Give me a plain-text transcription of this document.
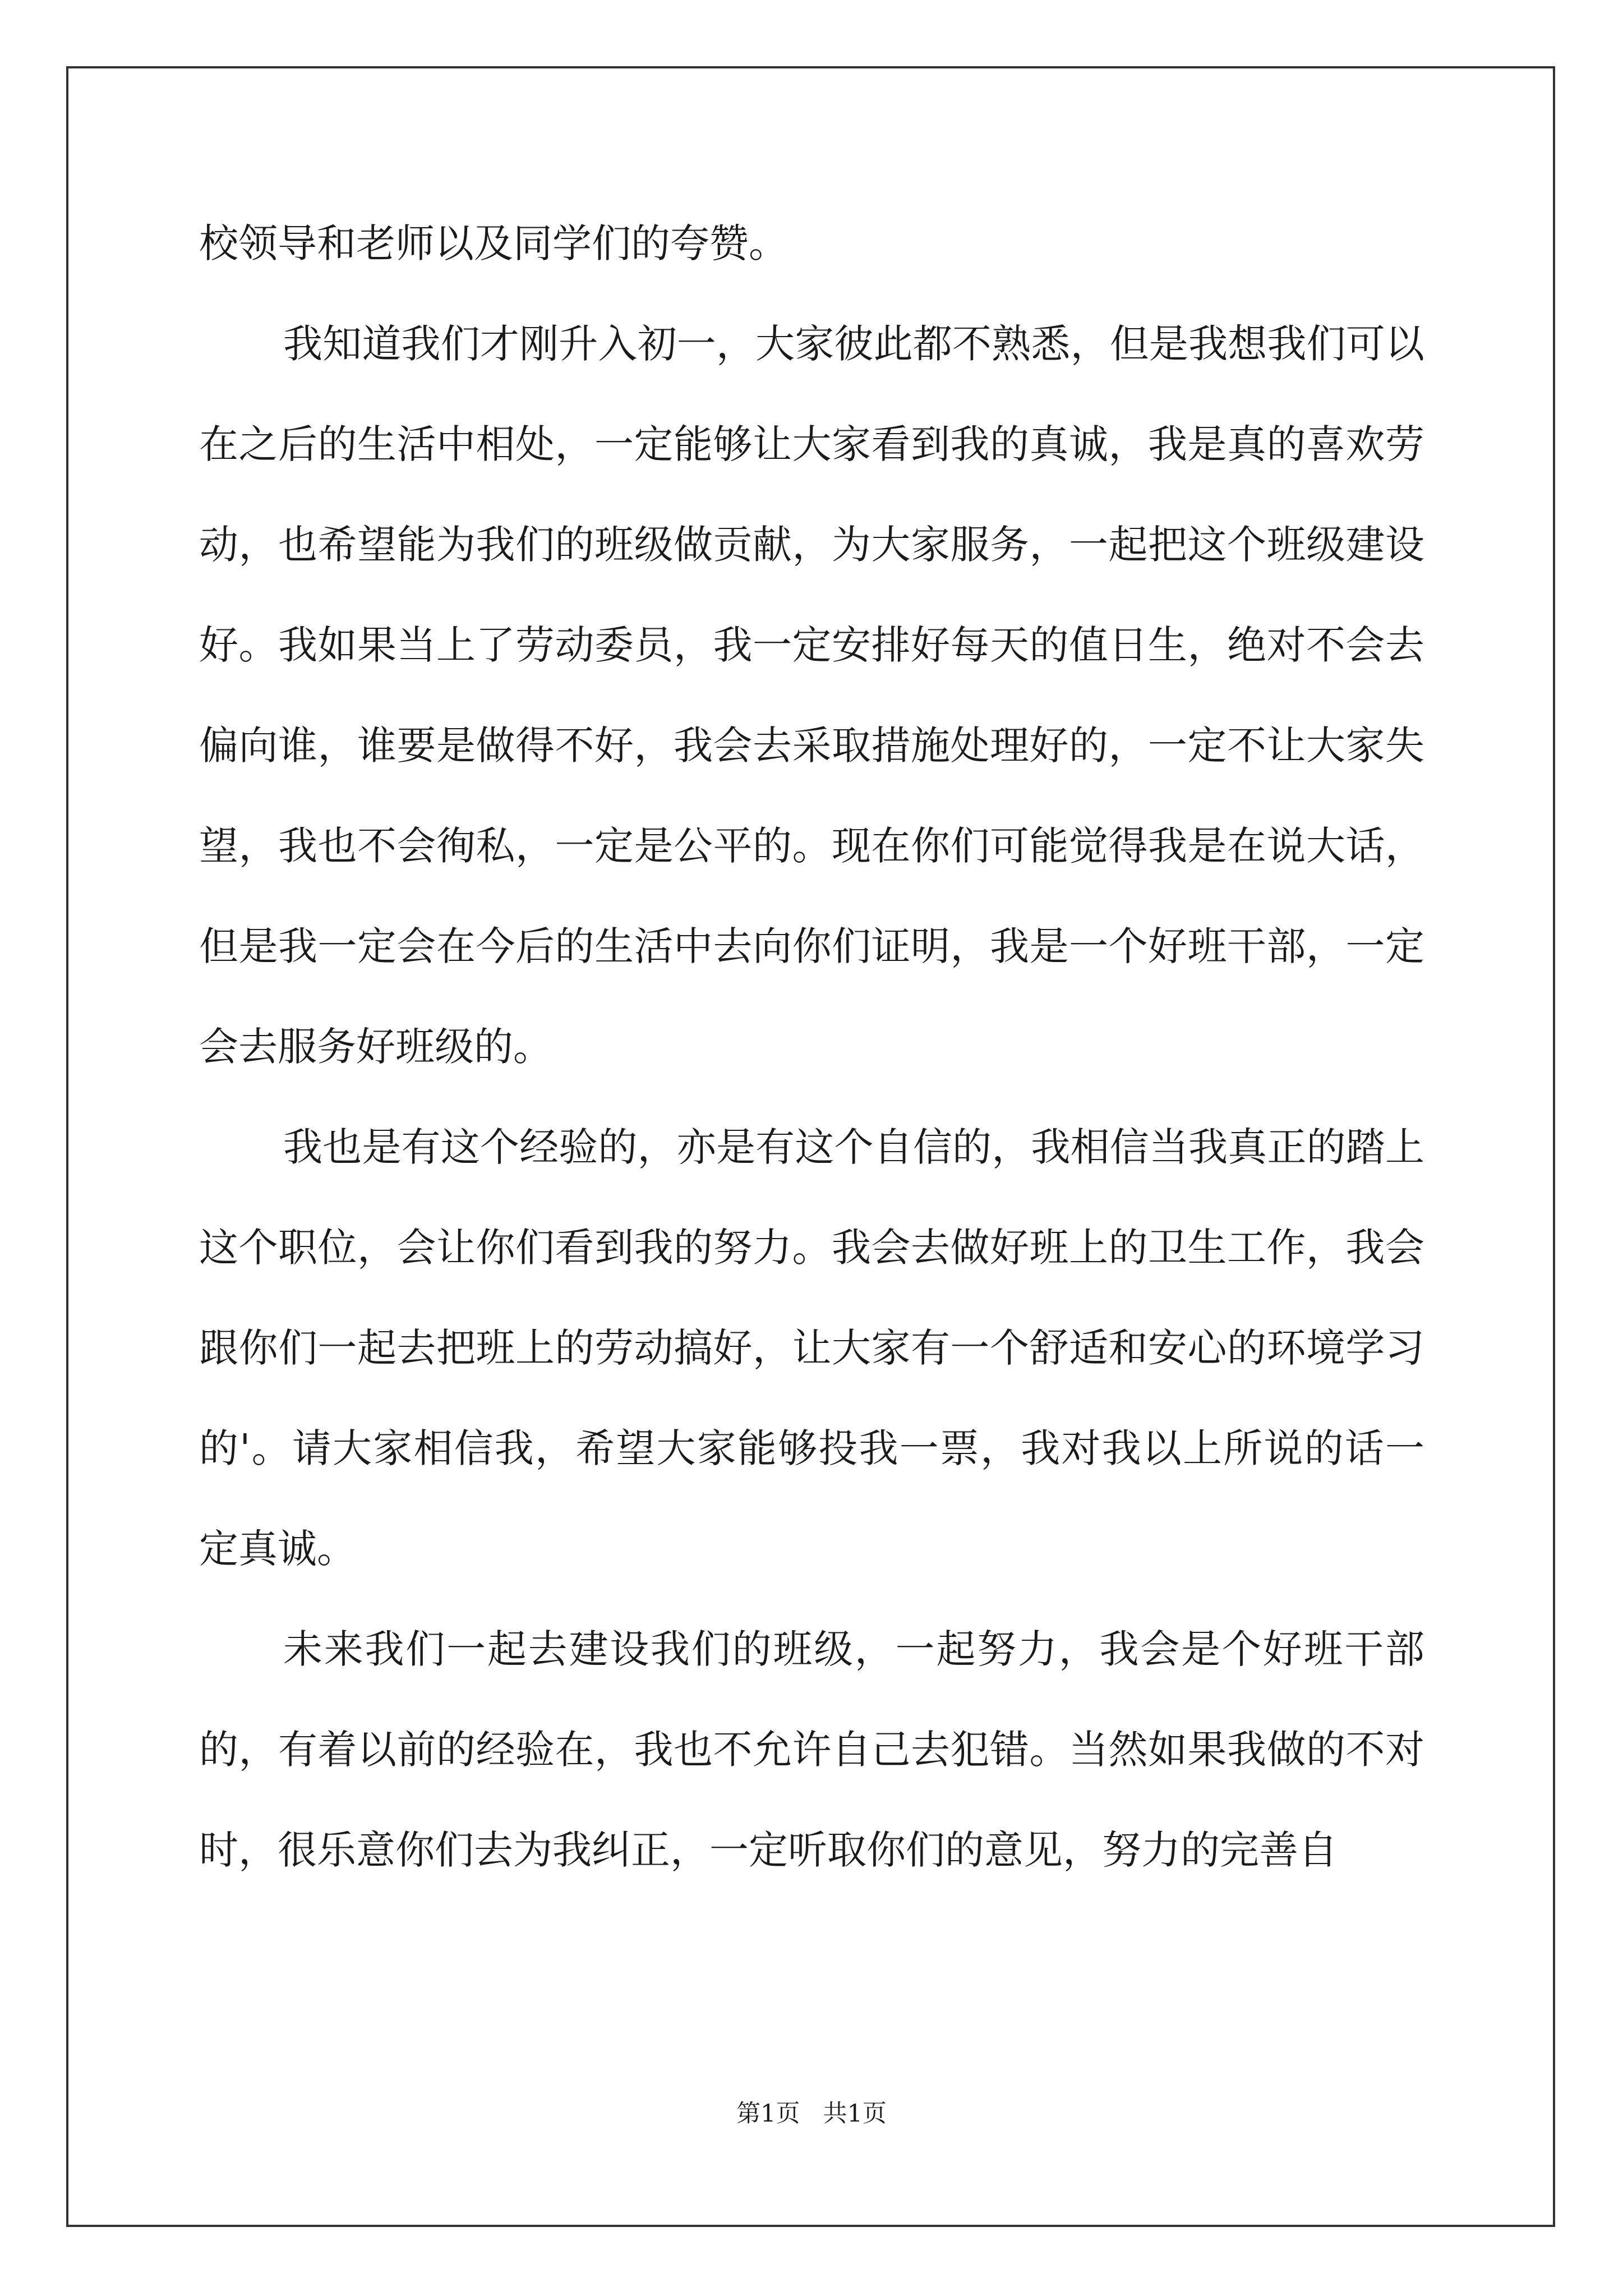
校领导和老师以及同学们的夸赞。

我知道我们才刚升入初一，大家彼此都不熟悉，但是我想我们可以在之后的生活中相处，一定能够让大家看到我的真诚，我是真的喜欢劳动，也希望能为我们的班级做贡献，为大家服务，一起把这个班级建设好。我如果当上了劳动委员，我一定安排好每天的值日生，绝对不会去偏向谁，谁要是做得不好，我会去采取措施处理好的，一定不让大家失望，我也不会徇私，一定是公平的。现在你们可能觉得我是在说大话，但是我一定会在今后的生活中去向你们证明，我是一个好班干部，一定会去服务好班级的。

我也是有这个经验的，亦是有这个自信的，我相信当我真正的踏上这个职位，会让你们看到我的努力。我会去做好班上的卫生工作，我会跟你们一起去把班上的劳动搞好，让大家有一个舒适和安心的环境学习的'。请大家相信我，希望大家能够投我一票，我对我以上所说的话一定真诚。

未来我们一起去建设我们的班级，一起努力，我会是个好班干部的，有着以前的经验在，我也不允许自己去犯错。当然如果我做的不对时，很乐意你们去为我纠正，一定听取你们的意见，努力的完善自

第1页 共1页
